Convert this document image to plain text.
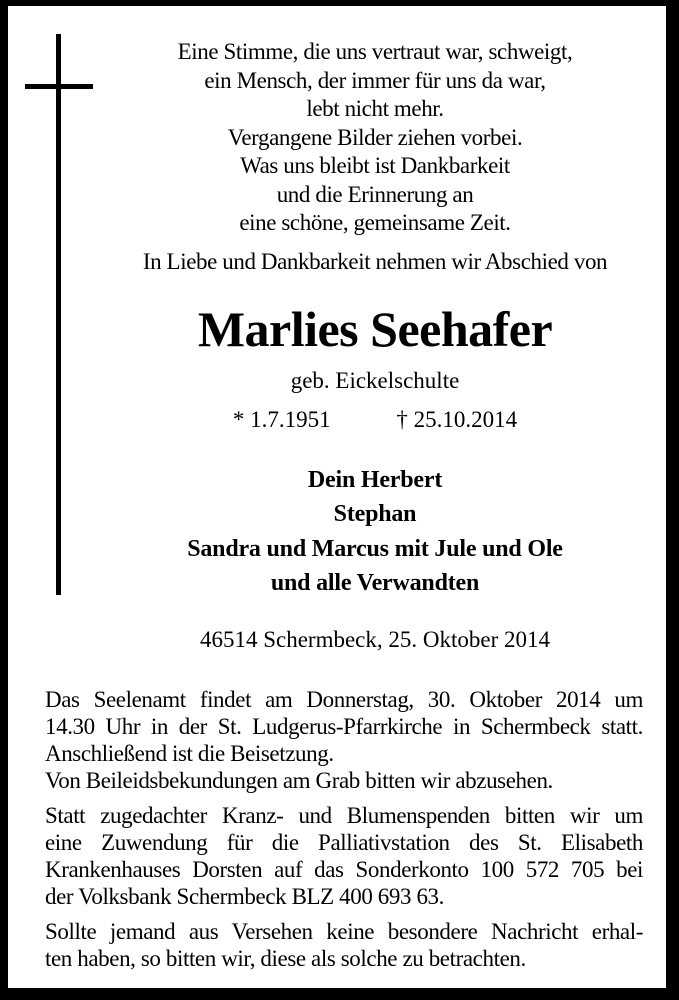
Eine Stimme, die uns vertraut war, schweigt,
ein Mensch, der immer für uns da war,
lebt nicht mehr.
Vergangene Bilder ziehen vorbei.
Was uns bleibt ist Dankbarkeit
und die Erinnerung an
eine schöne, gemeinsame Zeit.
In Liebe und Dankbarkeit nehmen wir Abschied von
Marlies Seehafer
geb. Eickelschulte
* 1.7.1951	† 25.10.2014
Dein Herbert
Stephan
Sandra und Marcus mit Jule und Ole
und alle Verwandten
46514 Schermbeck, 25. Oktober 2014
Das Seelenamt findet am Donnerstag, 30. Oktober 2014 um
14.30 Uhr in der St. Ludgerus-Pfarrkirche in Schermbeck statt.
Anschließend ist die Beisetzung.
Von Beileidsbekundungen am Grab bitten wir abzusehen.
Statt zugedachter Kranz- und Blumenspenden bitten wir um
eine Zuwendung für die Palliativstation des St. Elisabeth
Krankenhauses Dorsten auf das Sonderkonto 100 572 705 bei
der Volksbank Schermbeck BLZ 400 693 63.
Sollte jemand aus Versehen keine besondere Nachricht erhal-
ten haben, so bitten wir, diese als solche zu betrachten.
